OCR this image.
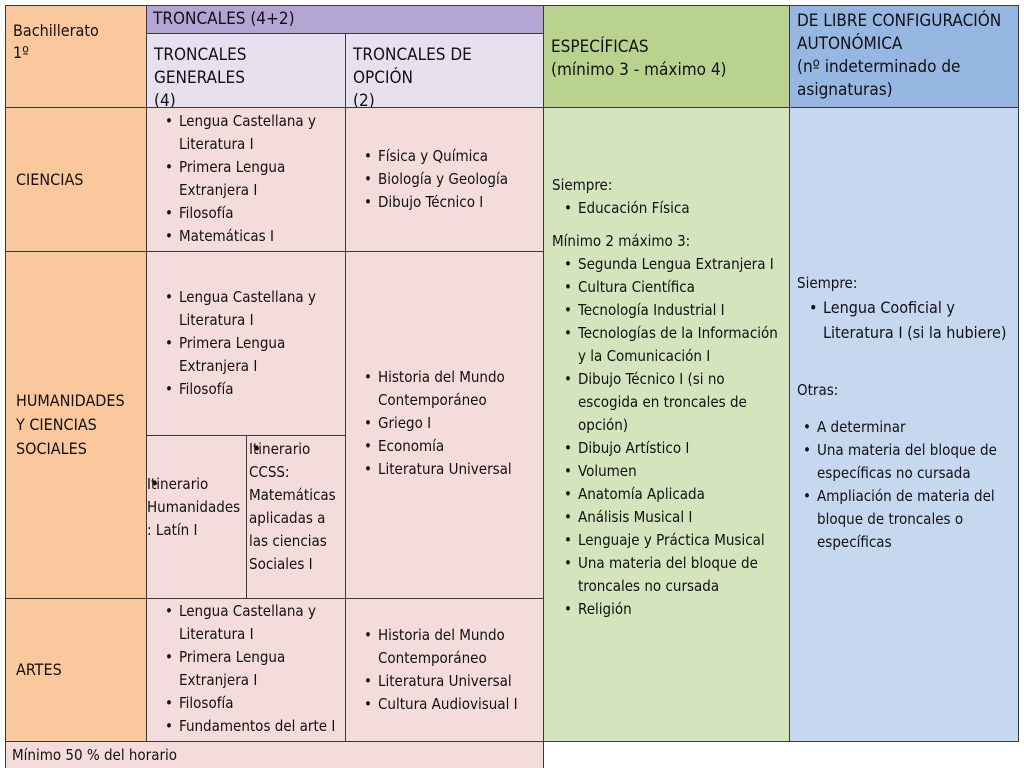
Bachillerato
1º
TRONCALES (4+2)
TRONCALES GENERALES
(4)
TRONCALES DE OPCIÓN
(2)
ESPECÍFICAS
(mínimo 3 - máximo 4)
DE LIBRE CONFIGURACIÓN
AUTONÓMICA
(nº indeterminado de
asignaturas)
CIENCIAS
HUMANIDADES
Y CIENCIAS
SOCIALES
ARTES
• Lengua Castellana y Literatura I
• Primera Lengua Extranjera I
• Filosofía
• Matemáticas I
• Física y Química
• Biología y Geología
• Dibujo Técnico I
• Lengua Castellana y Literatura I
• Primera Lengua Extranjera I
• Filosofía
• Itinerario Humanidades : Latín I
• Itinerario CCSS: Matemáticas aplicadas a las ciencias Sociales I
• Historia del Mundo Contemporáneo
• Griego I
• Economía
• Literatura Universal
• Lengua Castellana y Literatura I
• Primera Lengua Extranjera I
• Filosofía
• Fundamentos del arte I
• Historia del Mundo Contemporáneo
• Literatura Universal
• Cultura Audiovisual I
Siempre:
• Educación Física
Mínimo 2 máximo 3:
• Segunda Lengua Extranjera I
• Cultura Científica
• Tecnología Industrial I
• Tecnologías de la Información y la Comunicación I
• Dibujo Técnico I (si no escogida en troncales de opción)
• Dibujo Artístico I
• Volumen
• Anatomía Aplicada
• Análisis Musical I
• Lenguaje y Práctica Musical
• Una materia del bloque de troncales no cursada
• Religión
Siempre:
• Lengua Cooficial y Literatura I (si la hubiere)
Otras:
• A determinar
• Una materia del bloque de específicas no cursada
• Ampliación de materia del bloque de troncales o específicas
Mínimo 50 % del horario
